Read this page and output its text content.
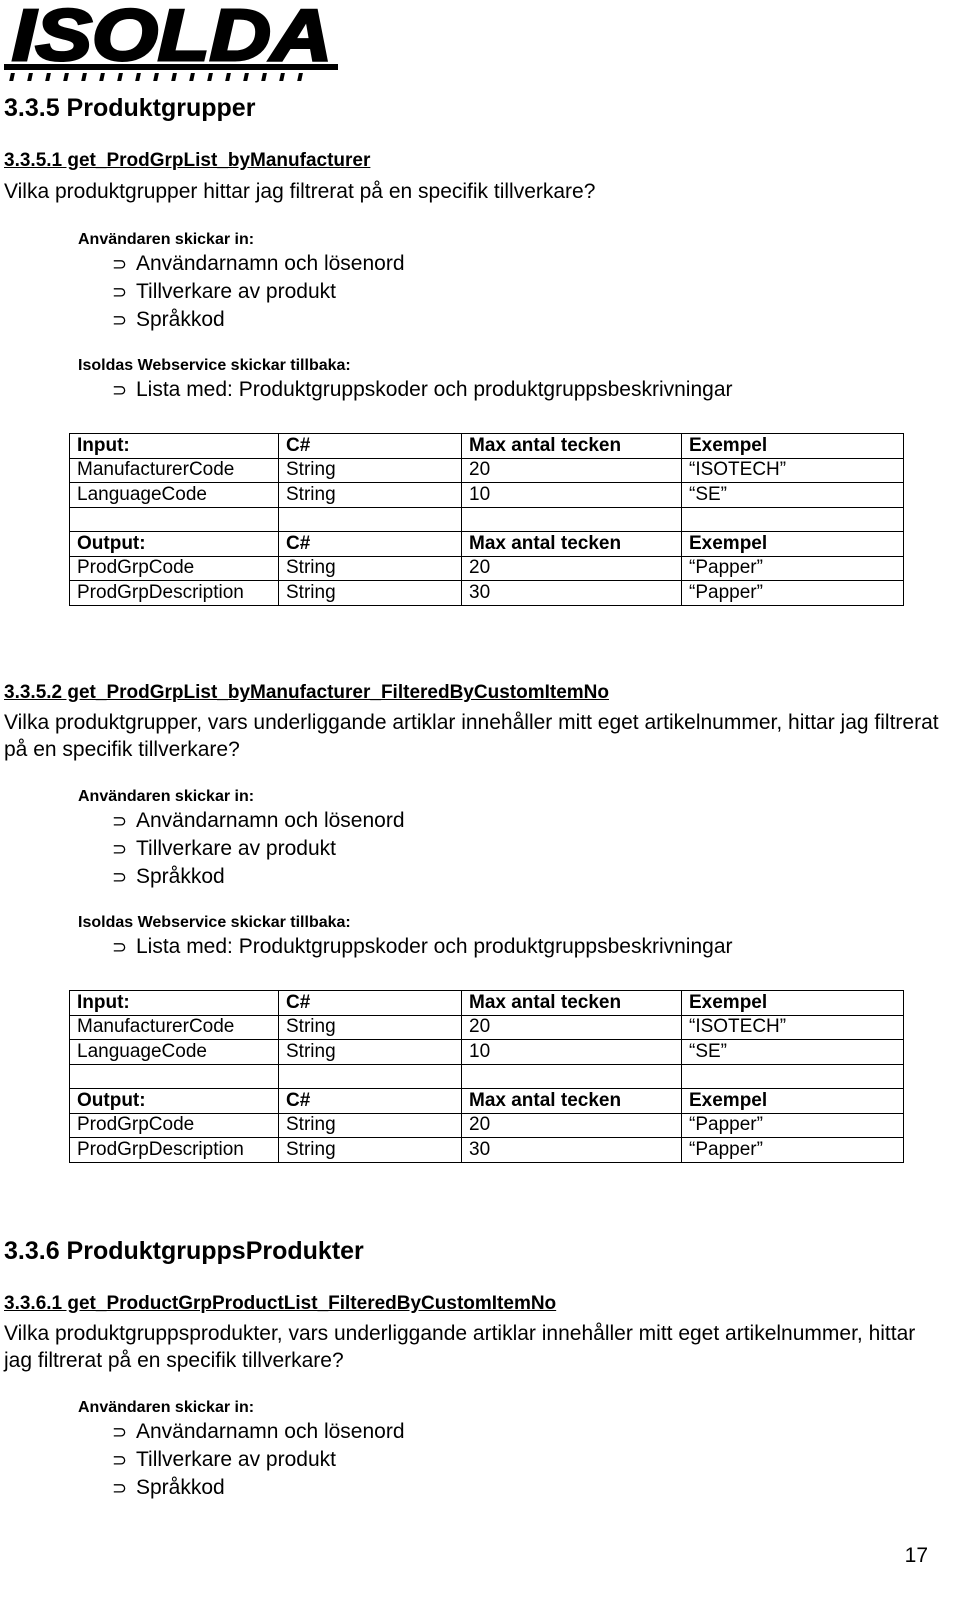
ISOLDA
3.3.5 Produktgrupper
3.3.5.1 get_ProdGrpList_byManufacturer

Vilka produktgrupper hittar jag filtrerat på en specifik tillverkare?

Användaren skickar in:

⊃ Användarnamn och lösenord
⊃ Tillverkare av produkt
⊃ Språkkod

Isoldas Webservice skickar tillbaka:

⊃ Lista med: Produktgruppskoder och produktgruppsbeskrivningar
Input:	C#	Max antal tecken	Exempel
ManufacturerCode	String	20	“ISOTECH”
LanguageCode	String	10	“SE”

Output:	C#	Max antal tecken	Exempel
ProdGrpCode	String	20	“Papper”
ProdGrpDescription	String	30	“Papper”
3.3.5.2 get_ProdGrpList_byManufacturer_FilteredByCustomItemNo

Vilka produktgrupper, vars underliggande artiklar innehåller mitt eget artikelnummer, hittar jag filtrerat på en specifik tillverkare?

Användaren skickar in:

⊃ Användarnamn och lösenord
⊃ Tillverkare av produkt
⊃ Språkkod

Isoldas Webservice skickar tillbaka:

⊃ Lista med: Produktgruppskoder och produktgruppsbeskrivningar
Input:	C#	Max antal tecken	Exempel
ManufacturerCode	String	20	“ISOTECH”
LanguageCode	String	10	“SE”

Output:	C#	Max antal tecken	Exempel
ProdGrpCode	String	20	“Papper”
ProdGrpDescription	String	30	“Papper”
3.3.6 ProduktgruppsProdukter
3.3.6.1 get_ProductGrpProductList_FilteredByCustomItemNo

Vilka produktgruppsprodukter, vars underliggande artiklar innehåller mitt eget artikelnummer, hittar jag filtrerat på en specifik tillverkare?

Användaren skickar in:

⊃ Användarnamn och lösenord
⊃ Tillverkare av produkt
⊃ Språkkod
17
